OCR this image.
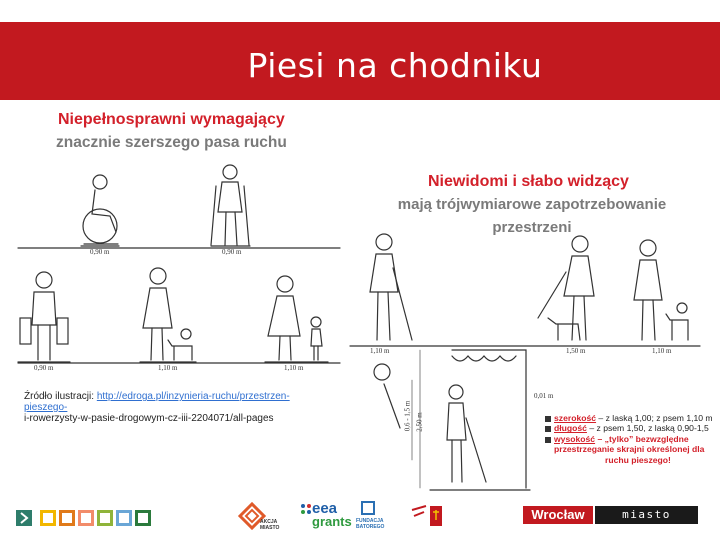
Piesi na chodniku
Niepełnosprawni wymagający
znacznie szerszego pasa ruchu
Niewidomi i słabo widzący
mają trójwymiarowe zapotrzebowanie
przestrzeni
0,90 m	0,90 m
0,90 m	1,10 m	1,10 m
1,10 m	1,50 m	1,10 m
0,01 m
0,6 - 1,5 m 2,50 m
Źródło ilustracji: http://edroga.pl/inzynieria-ruchu/przestrzen-
pieszego-
i-rowerzysty-w-pasie-drogowym-cz-iii-2204071/all-pages	szerokość – z laską 1,00; z psem 1,10 m
długość – z psem 1,50, z laską 0,90-1,5
wysokość – „tylko” bezwzględne
przestrzeganie skrajni określonej dla
ruchu pieszego!
AKCJA
MIASTO
eea
grants FUNDACJA
BATOREGO
Wrocław	miasto spotkań
